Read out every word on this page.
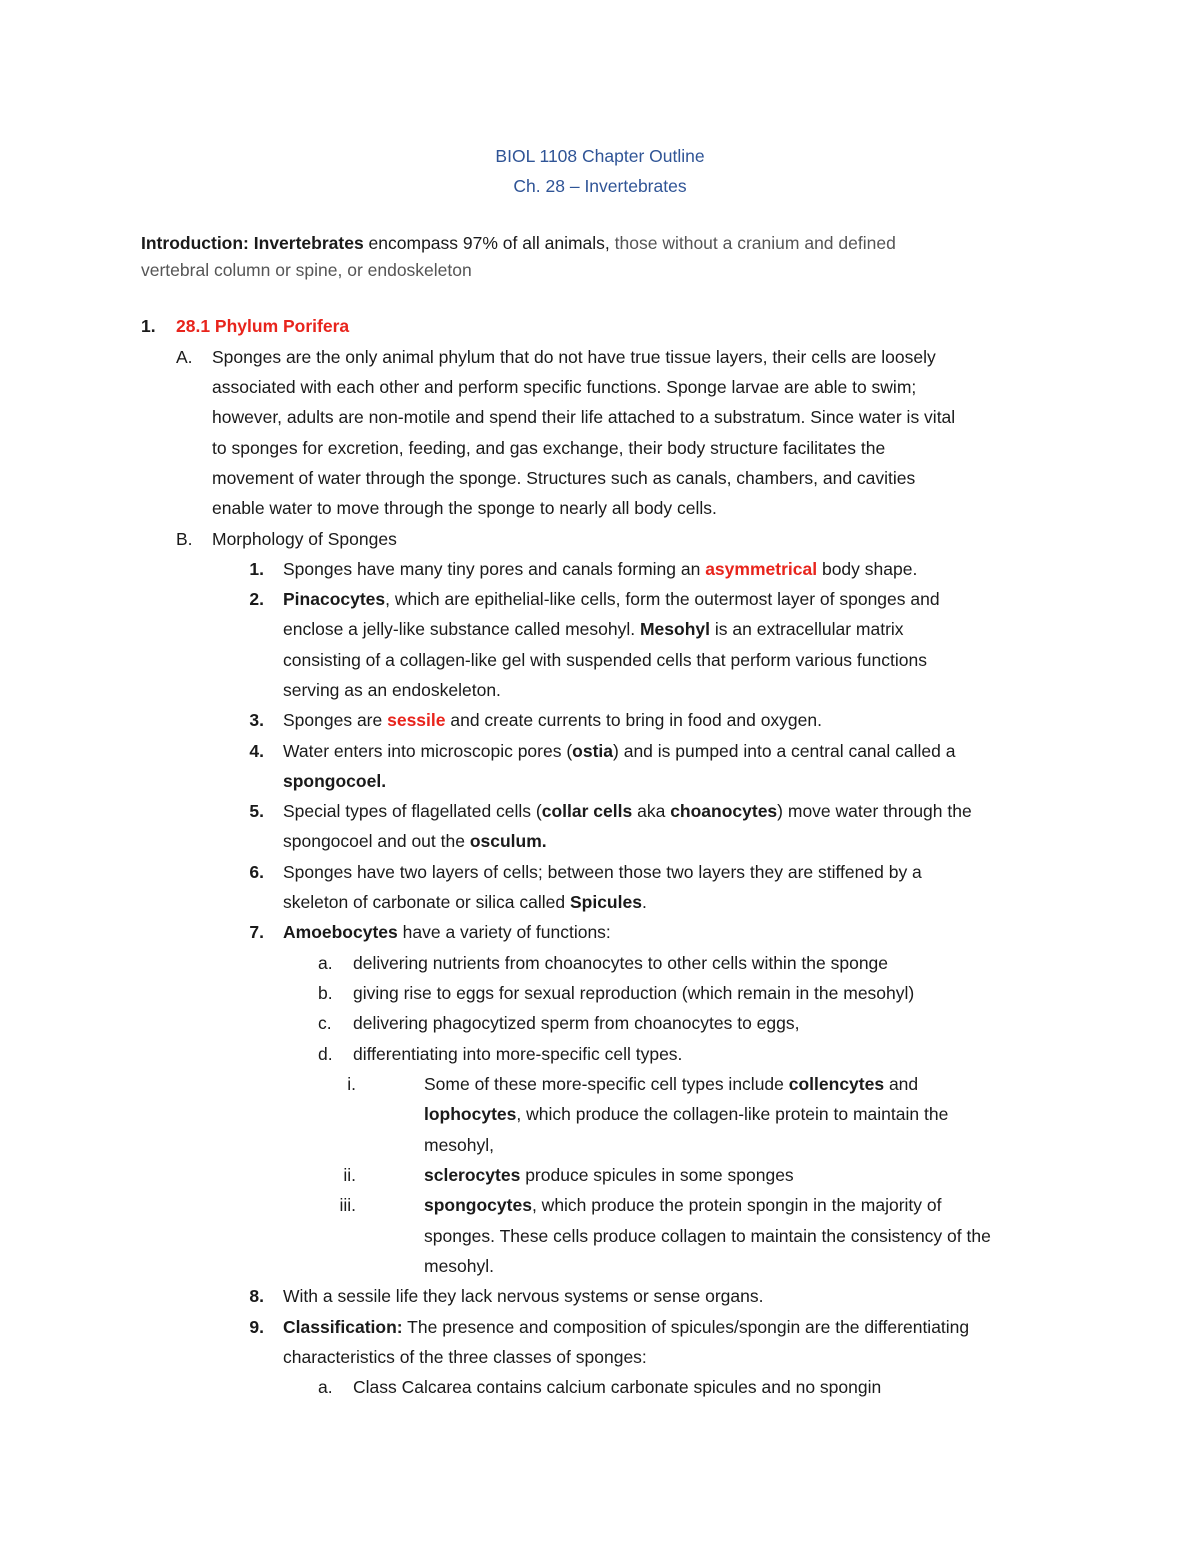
BIOL 1108 Chapter Outline
Ch. 28 – Invertebrates
Introduction: Invertebrates encompass 97% of all animals, those without a cranium and defined
vertebral column or spine, or endoskeleton
1. 28.1 Phylum Porifera
A. Sponges are the only animal phylum that do not have true tissue layers, their cells are loosely
associated with each other and perform specific functions. Sponge larvae are able to swim;
however, adults are non-motile and spend their life attached to a substratum. Since water is vital
to sponges for excretion, feeding, and gas exchange, their body structure facilitates the
movement of water through the sponge. Structures such as canals, chambers, and cavities
enable water to move through the sponge to nearly all body cells.
B. Morphology of Sponges
1. Sponges have many tiny pores and canals forming an asymmetrical body shape.
2. Pinacocytes, which are epithelial-like cells, form the outermost layer of sponges and
enclose a jelly-like substance called mesohyl. Mesohyl is an extracellular matrix
consisting of a collagen-like gel with suspended cells that perform various functions
serving as an endoskeleton.
3. Sponges are sessile and create currents to bring in food and oxygen.
4. Water enters into microscopic pores (ostia) and is pumped into a central canal called a
spongocoel.
5. Special types of flagellated cells (collar cells aka choanocytes) move water through the
spongocoel and out the osculum.
6. Sponges have two layers of cells; between those two layers they are stiffened by a
skeleton of carbonate or silica called Spicules.
7. Amoebocytes have a variety of functions:
a. delivering nutrients from choanocytes to other cells within the sponge
b. giving rise to eggs for sexual reproduction (which remain in the mesohyl)
c. delivering phagocytized sperm from choanocytes to eggs,
d. differentiating into more-specific cell types.
i.	Some of these more-specific cell types include collencytes and
lophocytes, which produce the collagen-like protein to maintain the
mesohyl,
ii.	sclerocytes produce spicules in some sponges
iii.	spongocytes, which produce the protein spongin in the majority of
sponges. These cells produce collagen to maintain the consistency of the
mesohyl.
8. With a sessile life they lack nervous systems or sense organs.
9. Classification: The presence and composition of spicules/spongin are the differentiating
characteristics of the three classes of sponges:
a. Class Calcarea contains calcium carbonate spicules and no spongin
